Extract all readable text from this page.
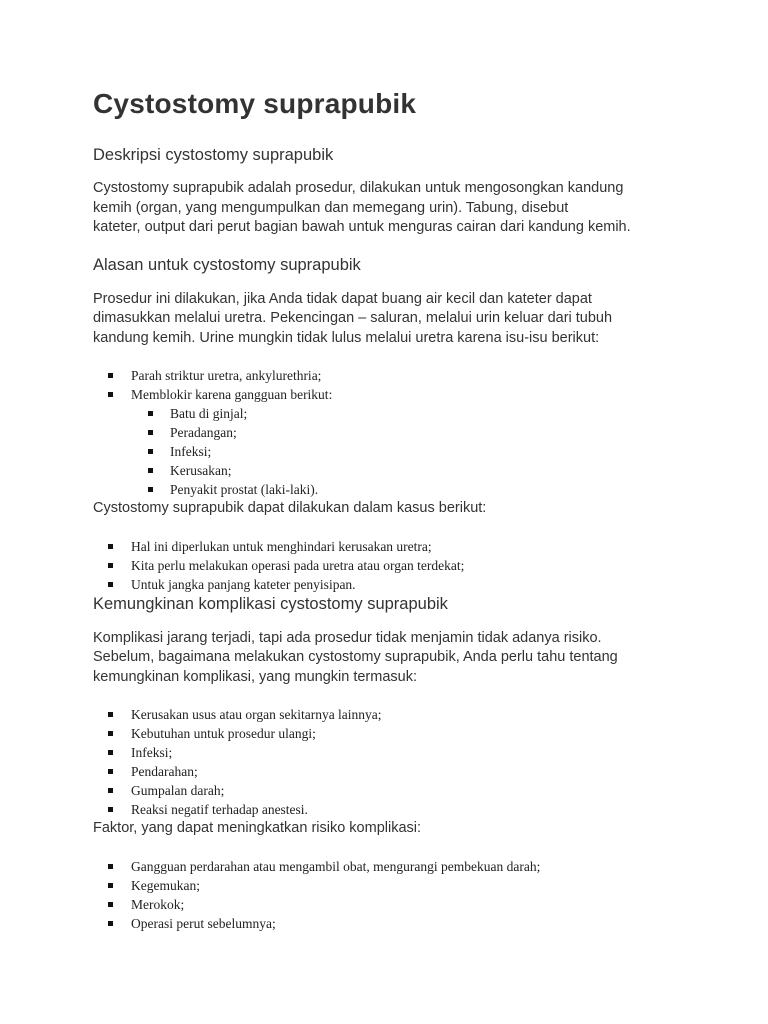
Cystostomy suprapubik
Deskripsi cystostomy suprapubik
Cystostomy suprapubik adalah prosedur, dilakukan untuk mengosongkan kandung
kemih (organ, yang mengumpulkan dan memegang urin). Tabung, disebut
kateter, output dari perut bagian bawah untuk menguras cairan dari kandung kemih.
Alasan untuk cystostomy suprapubik
Prosedur ini dilakukan, jika Anda tidak dapat buang air kecil dan kateter dapat
dimasukkan melalui uretra. Pekencingan – saluran, melalui urin keluar dari tubuh
kandung kemih. Urine mungkin tidak lulus melalui uretra karena isu-isu berikut:
Parah striktur uretra, ankylurethria;
Memblokir karena gangguan berikut:
Batu di ginjal;
Peradangan;
Infeksi;
Kerusakan;
Penyakit prostat (laki-laki).
Cystostomy suprapubik dapat dilakukan dalam kasus berikut:
Hal ini diperlukan untuk menghindari kerusakan uretra;
Kita perlu melakukan operasi pada uretra atau organ terdekat;
Untuk jangka panjang kateter penyisipan.
Kemungkinan komplikasi cystostomy suprapubik
Komplikasi jarang terjadi, tapi ada prosedur tidak menjamin tidak adanya risiko.
Sebelum, bagaimana melakukan cystostomy suprapubik, Anda perlu tahu tentang
kemungkinan komplikasi, yang mungkin termasuk:
Kerusakan usus atau organ sekitarnya lainnya;
Kebutuhan untuk prosedur ulangi;
Infeksi;
Pendarahan;
Gumpalan darah;
Reaksi negatif terhadap anestesi.
Faktor, yang dapat meningkatkan risiko komplikasi:
Gangguan perdarahan atau mengambil obat, mengurangi pembekuan darah;
Kegemukan;
Merokok;
Operasi perut sebelumnya;
